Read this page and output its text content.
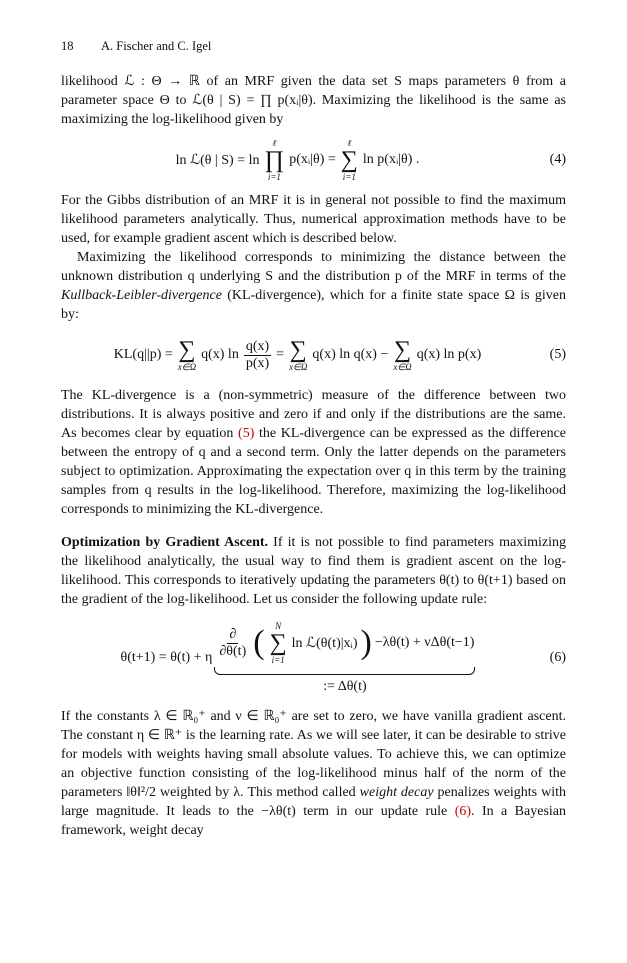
18 A. Fischer and C. Igel

likelihood ℒ : Θ → ℝ of an MRF given the data set S maps parameters θ from a parameter space Θ to ℒ(θ | S) = ∏ p(xᵢ|θ). Maximizing the likelihood is the same as maximizing the log-likelihood given by

ln ℒ(θ | S) = ln
ℓ
∏
i=1
p(xᵢ|θ) =
ℓ
∑
i=1
ln p(xᵢ|θ) .	(4)

For the Gibbs distribution of an MRF it is in general not possible to find the maximum likelihood parameters analytically. Thus, numerical approximation methods have to be used, for example gradient ascent which is described below.

Maximizing the likelihood corresponds to minimizing the distance between the unknown distribution q underlying S and the distribution p of the MRF in terms of the Kullback-Leibler-divergence (KL-divergence), which for a finite state space Ω is given by:

KL(q||p) = ∑
x∈Ω
q(x) $\ln \frac{q(x)}{p(x)}$ = ∑
x∈Ω
q(x) ln q(x) − ∑
x∈Ω
q(x) ln p(x)	(5)

The KL-divergence is a (non-symmetric) measure of the difference between two distributions. It is always positive and zero if and only if the distributions are the same. As becomes clear by equation (5) the KL-divergence can be expressed as the difference between the entropy of q and a second term. Only the latter depends on the parameters subject to optimization. Approximating the expectation over q in this term by the training samples from q results in the log-likelihood. Therefore, maximizing the log-likelihood corresponds to minimizing the KL-divergence.

Optimization by Gradient Ascent. If it is not possible to find parameters maximizing the likelihood analytically, the usual way to find them is gradient ascent on the log-likelihood. This corresponds to iteratively updating the parameters θ(t) to θ(t+1) based on the gradient of the log-likelihood. Let us consider the following update rule:

θ(t+1) = θ(t) + η $\frac{\partial}{\partial\theta(t)}$ ( N
∑
i=1
ln ℒ(θ(t)|xᵢ) ) −λθ(t) + νΔθ(t−1)
:= Δθ(t)
(6)

If the constants λ ∈ ℝ₀⁺ and ν ∈ ℝ₀⁺ are set to zero, we have vanilla gradient ascent. The constant η ∈ ℝ⁺ is the learning rate. As we will see later, it can be desirable to strive for models with weights having small absolute values. To achieve this, we can optimize an objective function consisting of the log-likelihood minus half of the norm of the parameters ‖θ‖²/2 weighted by λ. This method called weight decay penalizes weights with large magnitude. It leads to the −λθ(t) term in our update rule (6). In a Bayesian framework, weight decay
